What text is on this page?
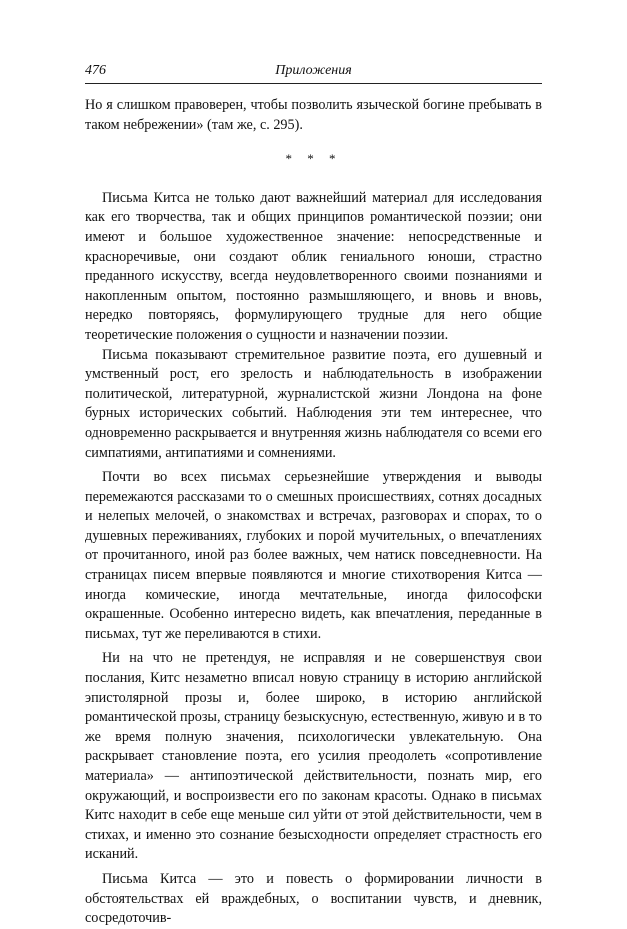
476	Приложения

Но я слишком правоверен, чтобы позволить языческой богине пребывать в таком небрежении» (там же, с. 295).

* * *

Письма Китса не только дают важнейший материал для исследования как его творчества, так и общих принципов романтической поэзии; они имеют и большое художественное значение: непосредственные и красноречивые, они создают облик гениального юноши, страстно преданного искусству, всегда неудовлетворенного своими познаниями и накопленным опытом, постоянно размышляющего, и вновь и вновь, нередко повторяясь, формулирующего трудные для него общие теоретические положения о сущности и назначении поэзии.

Письма показывают стремительное развитие поэта, его душевный и умственный рост, его зрелость и наблюдательность в изображении политической, литературной, журналистской жизни Лондона на фоне бурных исторических событий. Наблюдения эти тем интереснее, что одновременно раскрывается и внутренняя жизнь наблюдателя со всеми его симпатиями, антипатиями и сомнениями.

Почти во всех письмах серьезнейшие утверждения и выводы перемежаются рассказами то о смешных происшествиях, сотнях досадных и нелепых мелочей, о знакомствах и встречах, разговорах и спорах, то о душевных переживаниях, глубоких и порой мучительных, о впечатлениях от прочитанного, иной раз более важных, чем натиск повседневности. На страницах писем впервые появляются и многие стихотворения Китса — иногда комические, иногда мечтательные, иногда философски окрашенные. Особенно интересно видеть, как впечатления, переданные в письмах, тут же переливаются в стихи.

Ни на что не претендуя, не исправляя и не совершенствуя свои послания, Китс незаметно вписал новую страницу в историю английской эпистолярной прозы и, более широко, в историю английской романтической прозы, страницу безыскусную, естественную, живую и в то же время полную значения, психологически увлекательную. Она раскрывает становление поэта, его усилия преодолеть «сопротивление материала» — антипоэтической действительности, познать мир, его окружающий, и воспроизвести его по законам красоты. Однако в письмах Китс находит в себе еще меньше сил уйти от этой действительности, чем в стихах, и именно это сознание безысходности определяет страстность его исканий.

Письма Китса — это и повесть о формировании личности в обстоятельствах ей враждебных, о воспитании чувств, и дневник, сосредоточив-
